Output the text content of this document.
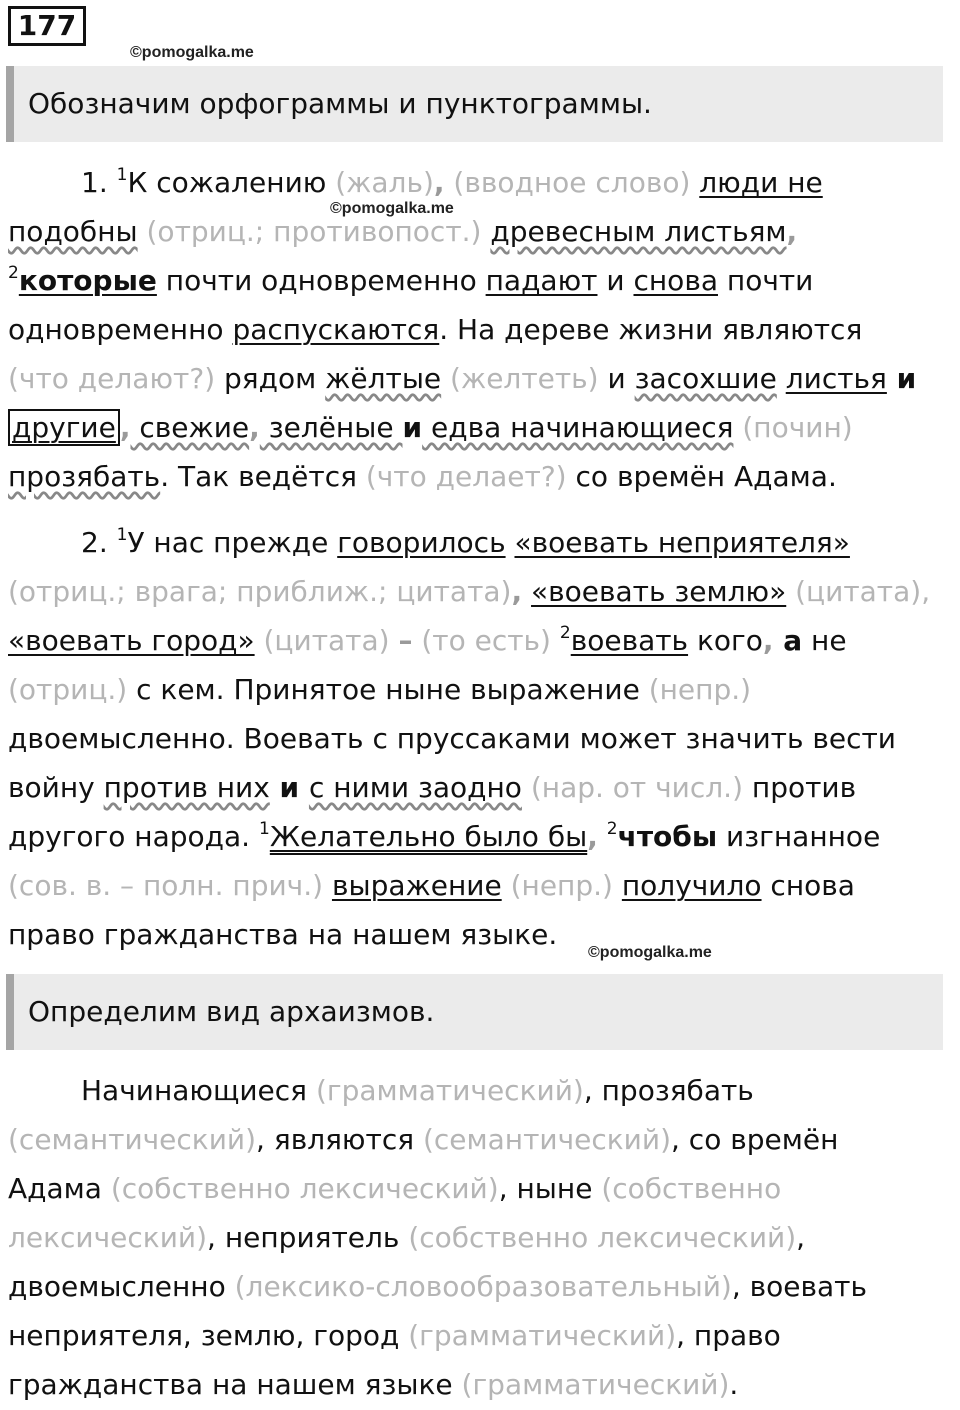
177
©pomogalka.me
Обозначим орфограммы и пунктограммы.
1. $^1$К сожалению (жаль), (вводное слово) люди не
подобны (отриц.; противопост.) древесным листьям,
$^2$которые почти одновременно падают и снова почти
одновременно распускаются. На дереве жизни являются
(что делают?) рядом жёлтые (желтеть) и засохшие листья и
другие , свежие, зелёные и едва начинающиеся (почин)
прозябать. Так ведётся (что делает?) со времён Адама.
©pomogalka.me
2. $^1$У нас прежде говорилось «воевать неприятеля»
(отриц.; врага; приближ.; цитата), «воевать землю» (цитата),
«воевать город» (цитата) – (то есть) $^2$воевать кого, а не
(отриц.) с кем. Принятое ныне выражение (непр.)
двоемысленно. Воевать с пруссаками может значить вести
войну против них и с ними заодно (нар. от числ.) против
другого народа. $^1$Желательно было бы, $^2$чтобы изгнанное
(сов. в. – полн. прич.) выражение (непр.) получило снова
право гражданства на нашем языке.
©pomogalka.me
Определим вид архаизмов.
Начинающиеся (грамматический), прозябать
(семантический), являются (семантический), со времён
Адама (собственно лексический), ныне (собственно
лексический), неприятель (собственно лексический),
двоемысленно (лексико-словообразовательный), воевать
неприятеля, землю, город (грамматический), право
гражданства на нашем языке (грамматический).
